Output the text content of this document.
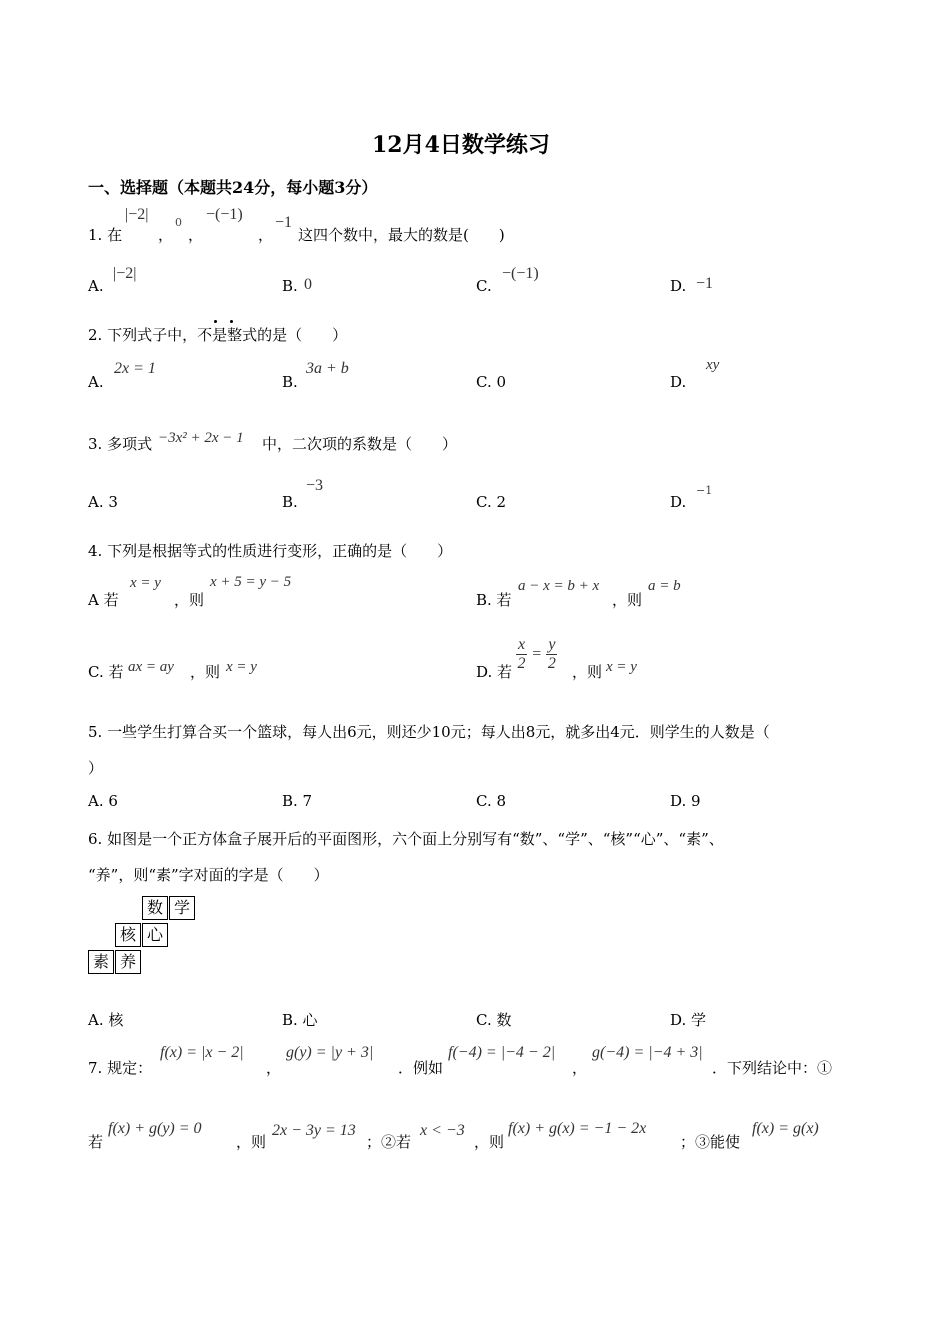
12月4日数学练习
一、选择题（本题共24分，每小题3分）
1. 在
|−2|
，
0
，
−(−1)
，
−1
这四个数中，最大的数是(　　)
A.
|−2|
B. 0	C.
−(−1)
D. −1
2. 下列式子中，不是整式的是（　　）
A.
2x = 1
B.
3a + b
C. 0	D.
xy
3. 多项式 −3x² + 2x − 1 中，二次项的系数是（　　）
A. 3	B.
−3
C. 2	D.
−1
4. 下列是根据等式的性质进行变形，正确的是（　　）
A 若
x = y
，则
x + 5 = y − 5
B. 若
a − x = b + x
，则
a = b
C. 若 ax = ay ，则 x = y	D. 若 $\frac{x}{2} = \frac{y}{2}$ ，则 x = y
5. 一些学生打算合买一个篮球，每人出6元，则还少10元；每人出8元，就多出4元．则学生的人数是（
）
A. 6	B. 7	C. 8	D. 9
6. 如图是一个正方体盒子展开后的平面图形，六个面上分别写有“数”、“学”、“核”“心”、“素”、
“养”，则“素”字对面的字是（　　）
数 学
核 心
素 养
A. 核	B. 心	C. 数	D. 学
7. 规定：
f(x) = |x − 2|
，
g(y) = |y + 3|
．例如
f(−4) = |−4 − 2|
，
g(−4) = |−4 + 3|
．下列结论中：①
若
f(x) + g(y) = 0
，则
2x − 3y = 13
；②若
x < −3
，则
f(x) + g(x) = −1 − 2x
；③能使
f(x) = g(x)
